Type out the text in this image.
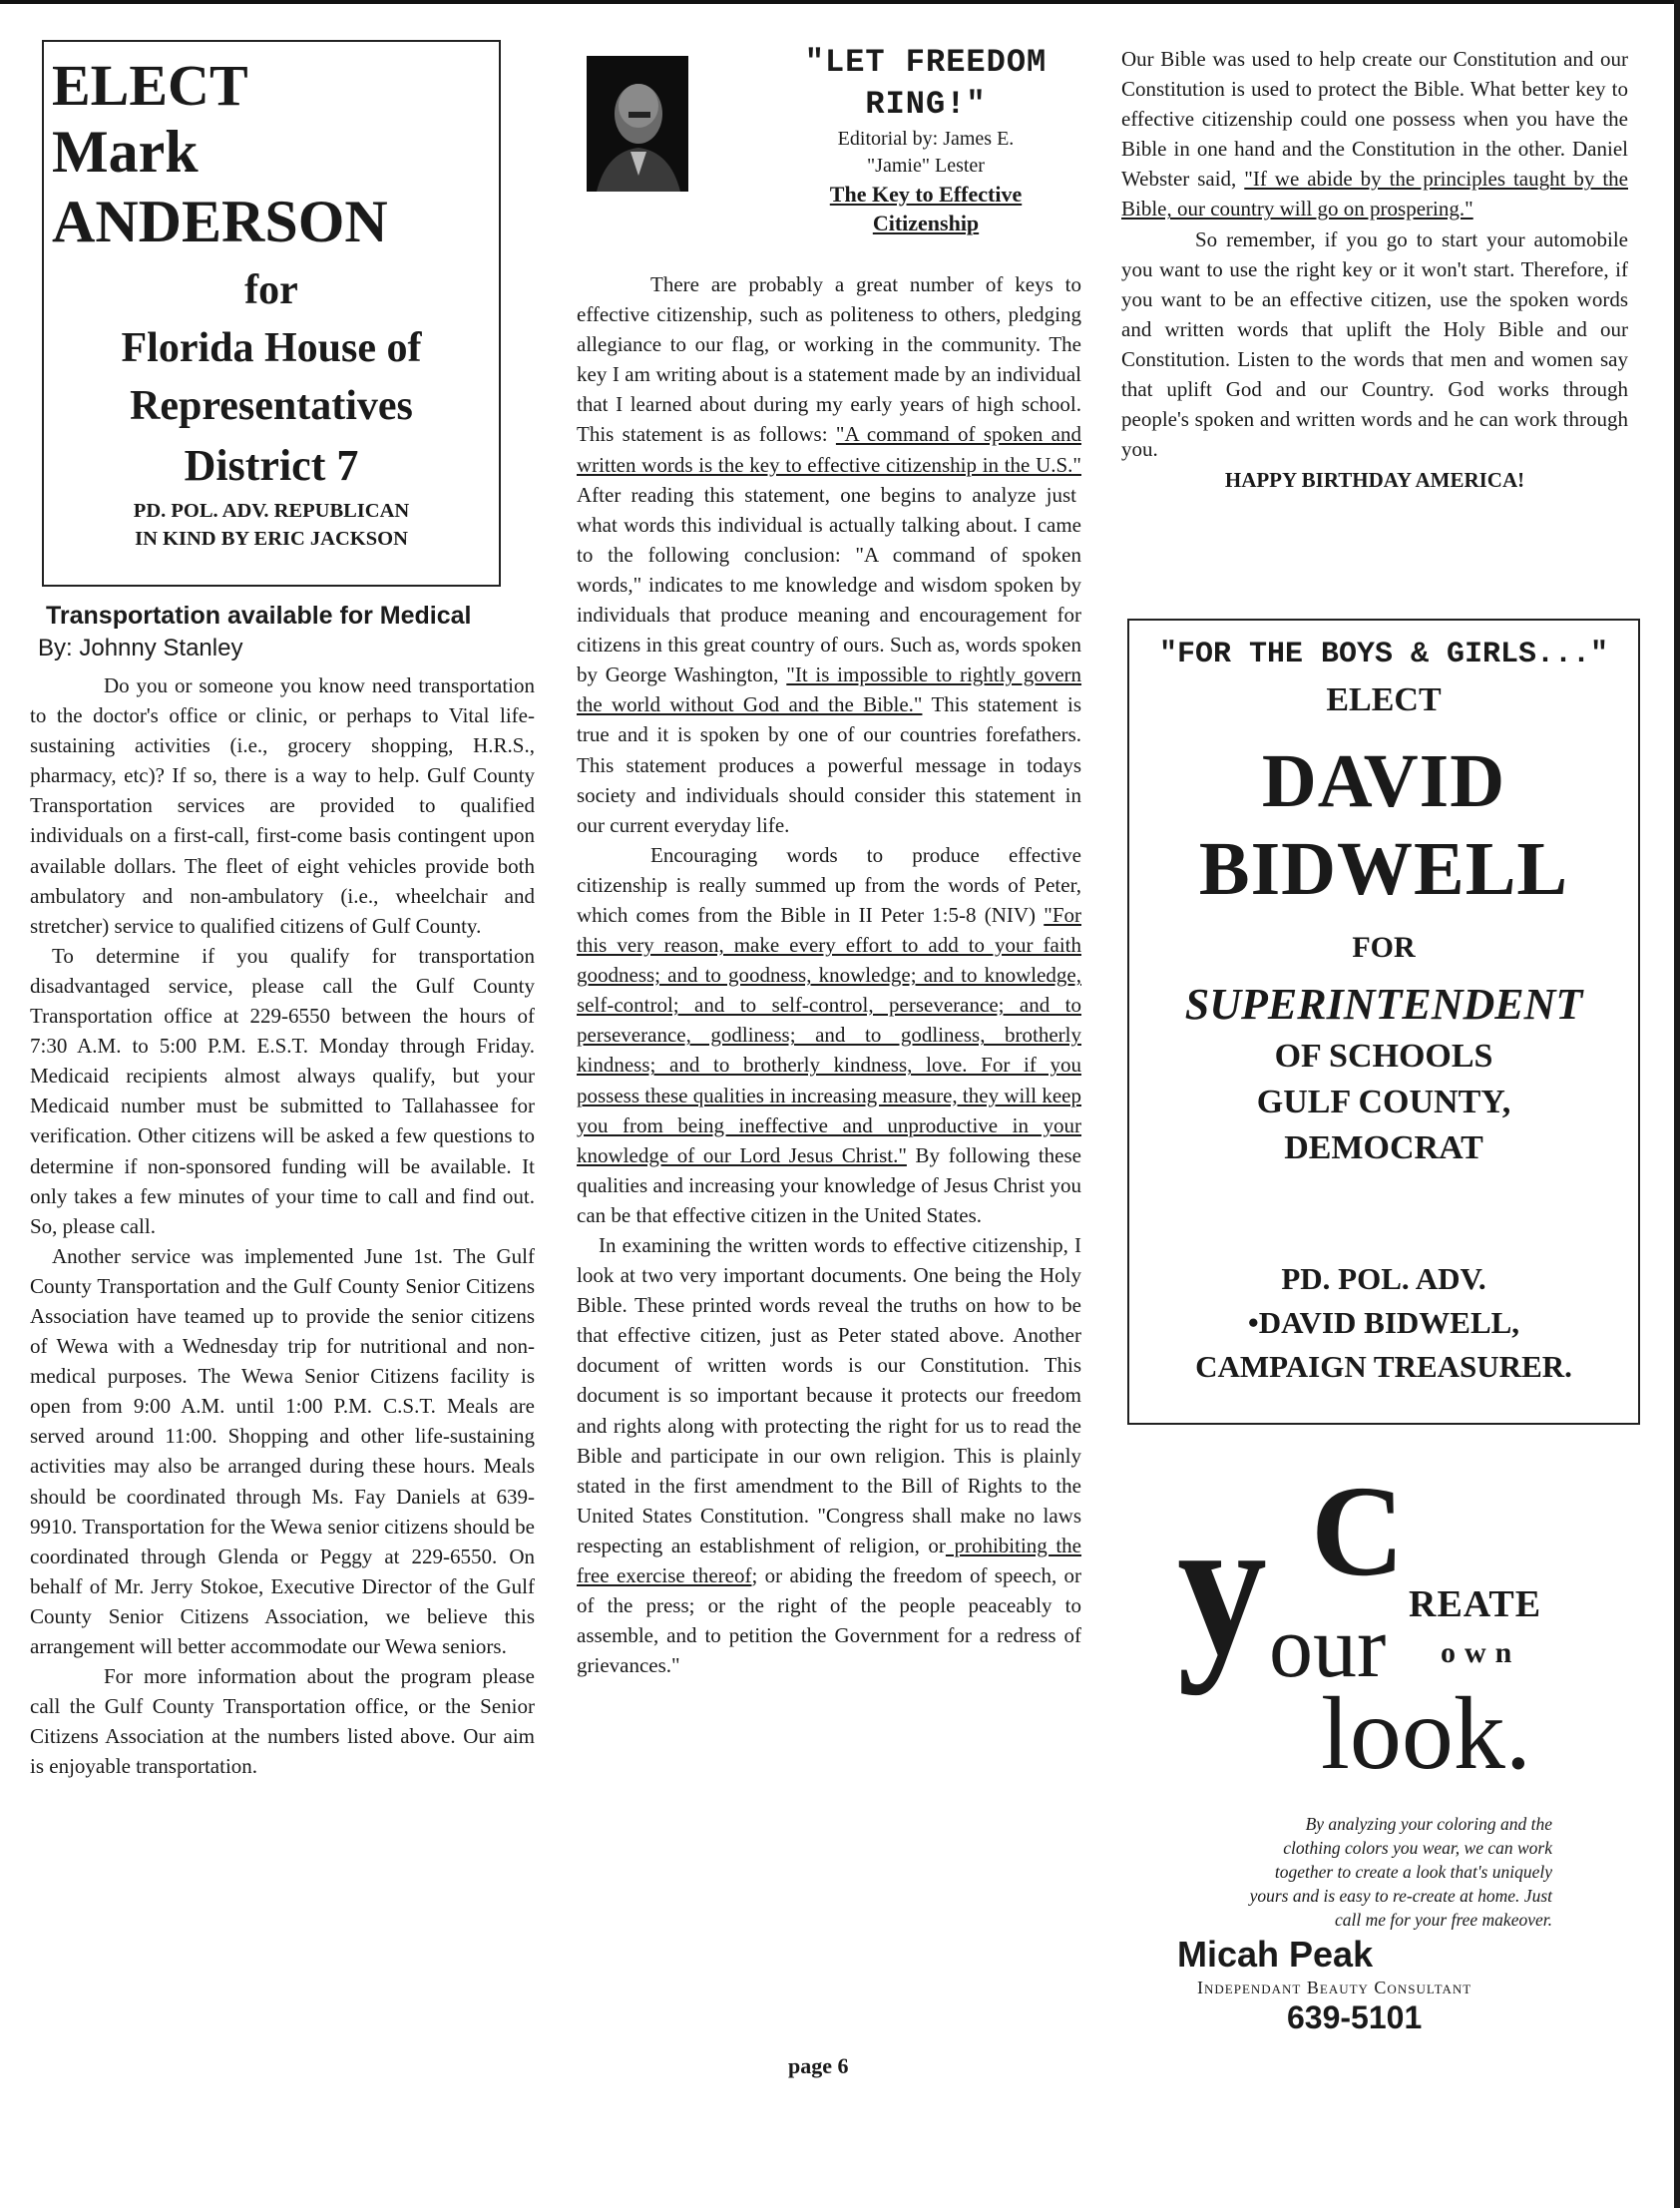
ELECT
Mark
ANDERSON
for
Florida House of
Representatives
District 7
PD. POL. ADV. REPUBLICAN
IN KIND BY ERIC JACKSON
Transportation available for Medical
By: Johnny Stanley

Do you or someone you know need transportation to the doctor's office or clinic, or perhaps to Vital life-sustaining activities (i.e., grocery shopping, H.R.S., pharmacy, etc)? If so, there is a way to help. Gulf County Transportation services are provided to qualified individuals on a first-call, first-come basis contingent upon available dollars. The fleet of eight vehicles provide both ambulatory and non-ambulatory (i.e., wheelchair and stretcher) service to qualified citizens of Gulf County.

To determine if you qualify for transportation disadvantaged service, please call the Gulf County Transportation office at 229-6550 between the hours of 7:30 A.M. to 5:00 P.M. E.S.T. Monday through Friday. Medicaid recipients almost always qualify, but your Medicaid number must be submitted to Tallahassee for verification. Other citizens will be asked a few questions to determine if non-sponsored funding will be available. It only takes a few minutes of your time to call and find out. So, please call.

Another service was implemented June 1st. The Gulf County Transportation and the Gulf County Senior Citizens Association have teamed up to provide the senior citizens of Wewa with a Wednesday trip for nutritional and non-medical purposes. The Wewa Senior Citizens facility is open from 9:00 A.M. until 1:00 P.M. C.S.T. Meals are served around 11:00. Shopping and other life-sustaining activities may also be arranged during these hours. Meals should be coordinated through Ms. Fay Daniels at 639-9910. Transportation for the Wewa senior citizens should be coordinated through Glenda or Peggy at 229-6550. On behalf of Mr. Jerry Stokoe, Executive Director of the Gulf County Senior Citizens Association, we believe this arrangement will better accommodate our Wewa seniors.

For more information about the program please call the Gulf County Transportation office, or the Senior Citizens Association at the numbers listed above. Our aim is enjoyable transportation.

"LET FREEDOM
RING!"
Editorial by: James E.
"Jamie" Lester
The Key to Effective
Citizenship

There are probably a great number of keys to effective citizenship, such as politeness to others, pledging allegiance to our flag, or working in the community. The key I am writing about is a statement made by an individual that I learned about during my early years of high school. This statement is as follows: "A command of spoken and written words is the key to effective citizenship in the U.S." After reading this statement, one begins to analyze just what words this individual is actually talking about. I came to the following conclusion: "A command of spoken words," indicates to me knowledge and wisdom spoken by individuals that produce meaning and encouragement for citizens in this great country of ours. Such as, words spoken by George Washington, "It is impossible to rightly govern the world without God and the Bible." This statement is true and it is spoken by one of our countries forefathers. This statement produces a powerful message in todays society and individuals should consider this statement in our current everyday life.

Encouraging words to produce effective citizenship is really summed up from the words of Peter, which comes from the Bible in II Peter 1:5-8 (NIV) "For this very reason, make every effort to add to your faith goodness; and to goodness, knowledge; and to knowledge, self-control; and to self-control, perseverance; and to perseverance, godliness; and to godliness, brotherly kindness; and to brotherly kindness, love. For if you possess these qualities in increasing measure, they will keep you from being ineffective and unproductive in your knowledge of our Lord Jesus Christ." By following these qualities and increasing your knowledge of Jesus Christ you can be that effective citizen in the United States.

In examining the written words to effective citizenship, I look at two very important documents. One being the Holy Bible. These printed words reveal the truths on how to be that effective citizen, just as Peter stated above. Another document of written words is our Constitution. This document is so important because it protects our freedom and rights along with protecting the right for us to read the Bible and participate in our own religion. This is plainly stated in the first amendment to the Bill of Rights to the United States Constitution. "Congress shall make no laws respecting an establishment of religion, or prohibiting the free exercise thereof; or abiding the freedom of speech, or of the press; or the right of the people peaceably to assemble, and to petition the Government for a redress of grievances."

Our Bible was used to help create our Constitution and our Constitution is used to protect the Bible. What better key to effective citizenship could one possess when you have the Bible in one hand and the Constitution in the other. Daniel Webster said, "If we abide by the principles taught by the Bible, our country will go on prospering."

So remember, if you go to start your automobile you want to use the right key or it won't start. Therefore, if you want to be an effective citizen, use the spoken words and written words that uplift the Holy Bible and our Constitution. Listen to the words that men and women say that uplift God and our Country. God works through people's spoken and written words and he can work through you.

HAPPY BIRTHDAY AMERICA!
"FOR THE BOYS & GIRLS..."
ELECT
DAVID
BIDWELL
FOR
SUPERINTENDENT
OF SCHOOLS
GULF COUNTY,
DEMOCRAT
PD. POL. ADV.
•DAVID BIDWELL,
CAMPAIGN TREASURER.
y C
REATE
our own
look.
By analyzing your coloring and the clothing colors you wear, we can work together to create a look that's uniquely yours and is easy to re-create at home. Just call me for your free makeover.
Micah Peak
Independant Beauty Consultant
639-5101
page 6
